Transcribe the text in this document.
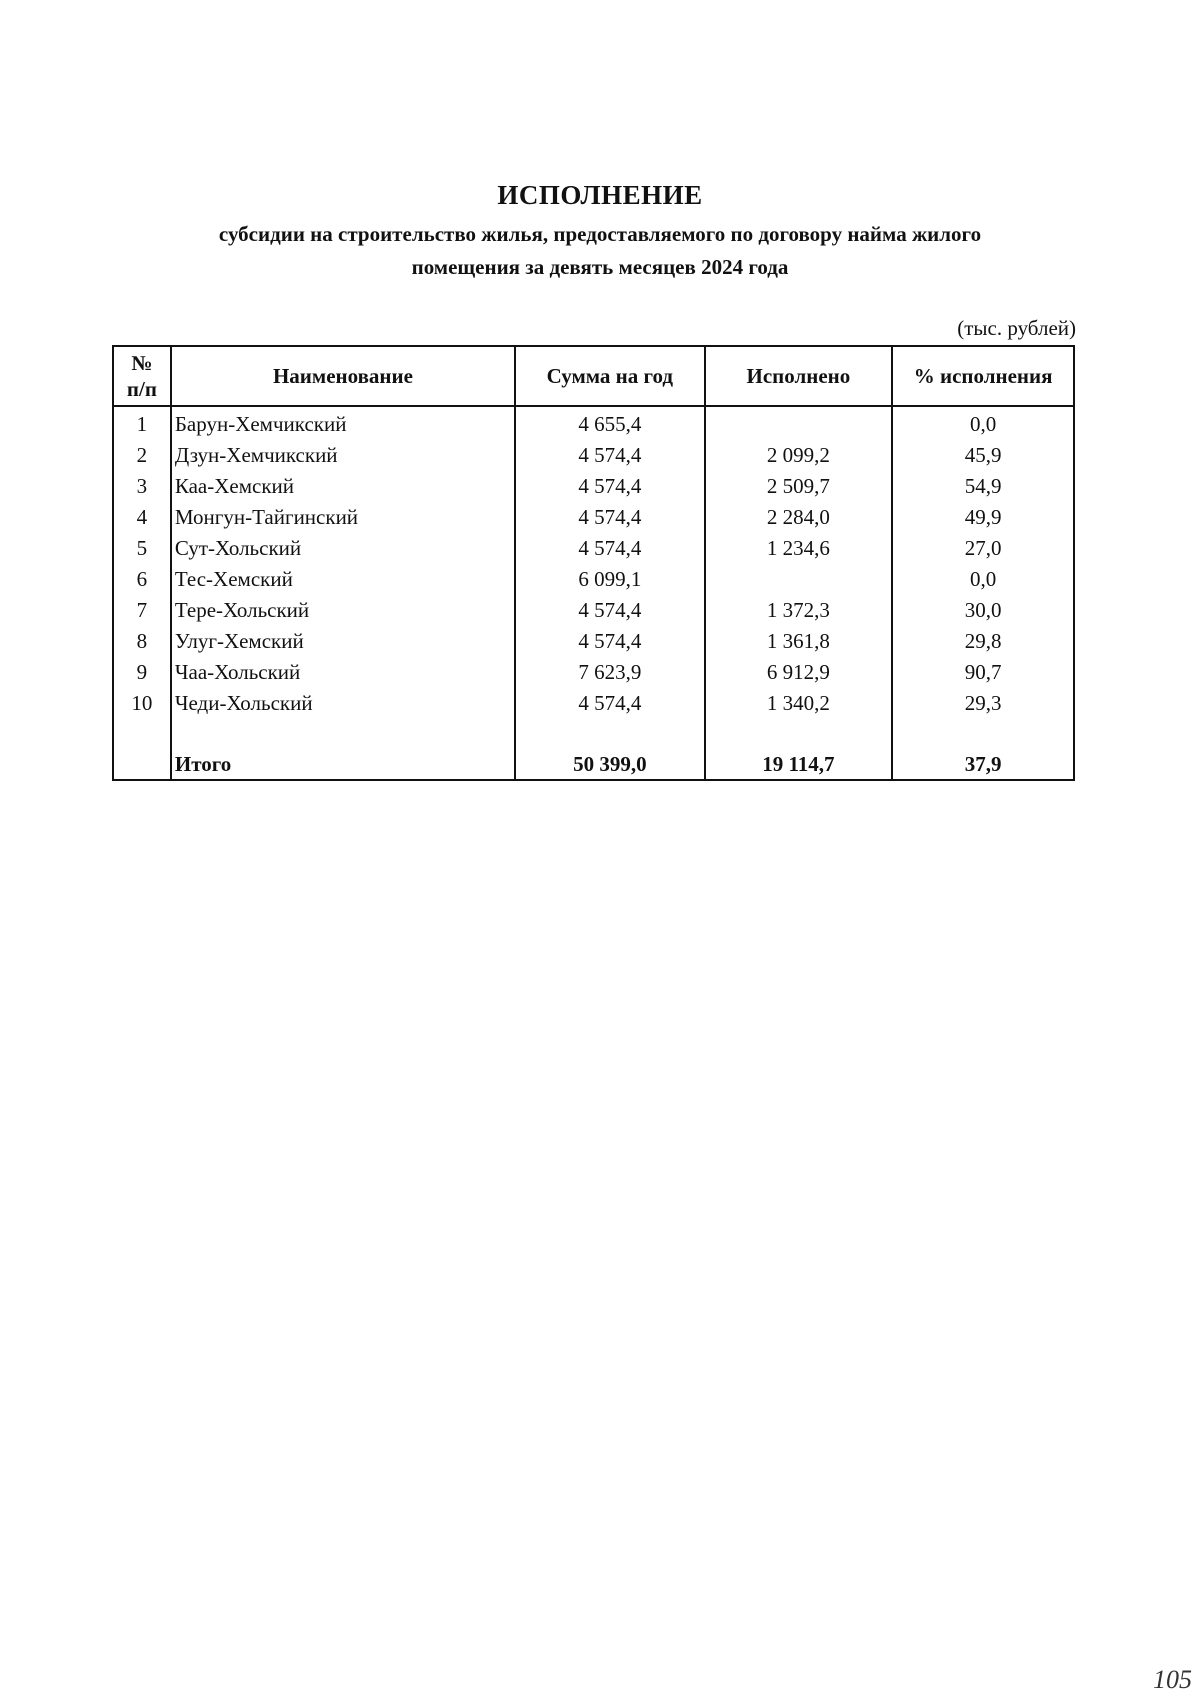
ИСПОЛНЕНИЕ
субсидии на строительство жилья, предоставляемого по договору найма жилого
помещения за девять месяцев 2024 года
(тыс. рублей)
№
п/п	Наименование	Сумма на год	Исполнено	% исполнения
1	Барун-Хемчикский	4 655,4		0,0
2	Дзун-Хемчикский	4 574,4	2 099,2	45,9
3	Каа-Хемский	4 574,4	2 509,7	54,9
4	Монгун-Тайгинский	4 574,4	2 284,0	49,9
5	Сут-Хольский	4 574,4	1 234,6	27,0
6	Тес-Хемский	6 099,1		0,0
7	Тере-Хольский	4 574,4	1 372,3	30,0
8	Улуг-Хемский	4 574,4	1 361,8	29,8
9	Чаа-Хольский	7 623,9	6 912,9	90,7
10	Чеди-Хольский	4 574,4	1 340,2	29,3

	Итого	50 399,0	19 114,7	37,9
105
